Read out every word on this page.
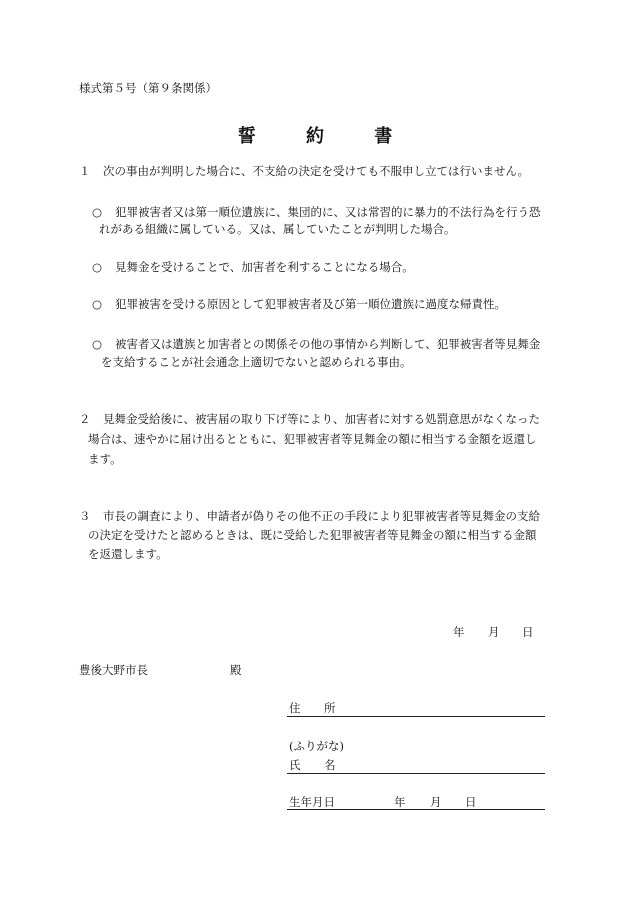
様式第５号（第９条関係）
誓	約	書
１ 次の事由が判明した場合に、不支給の決定を受けても不服申し立ては行いません。
○ 犯罪被害者又は第一順位遺族に、集団的に、又は常習的に暴力的不法行為を行う恐
れがある組織に属している。又は、属していたことが判明した場合。
○ 見舞金を受けることで、加害者を利することになる場合。
○ 犯罪被害を受ける原因として犯罪被害者及び第一順位遺族に過度な帰責性。
○ 被害者又は遺族と加害者との関係その他の事情から判断して、犯罪被害者等見舞金
を支給することが社会通念上適切でないと認められる事由。
２ 見舞金受給後に、被害届の取り下げ等により、加害者に対する処罰意思がなくなった
場合は、速やかに届け出るとともに、犯罪被害者等見舞金の額に相当する金額を返還し
ます。
３ 市長の調査により、申請者が偽りその他不正の手段により犯罪被害者等見舞金の支給
の決定を受けたと認めるときは、既に受給した犯罪被害者等見舞金の額に相当する金額
を返還します。
年 月 日
豊後大野市長	殿
住 所
(ふりがな)
氏 名
生年月日	年 月 日
